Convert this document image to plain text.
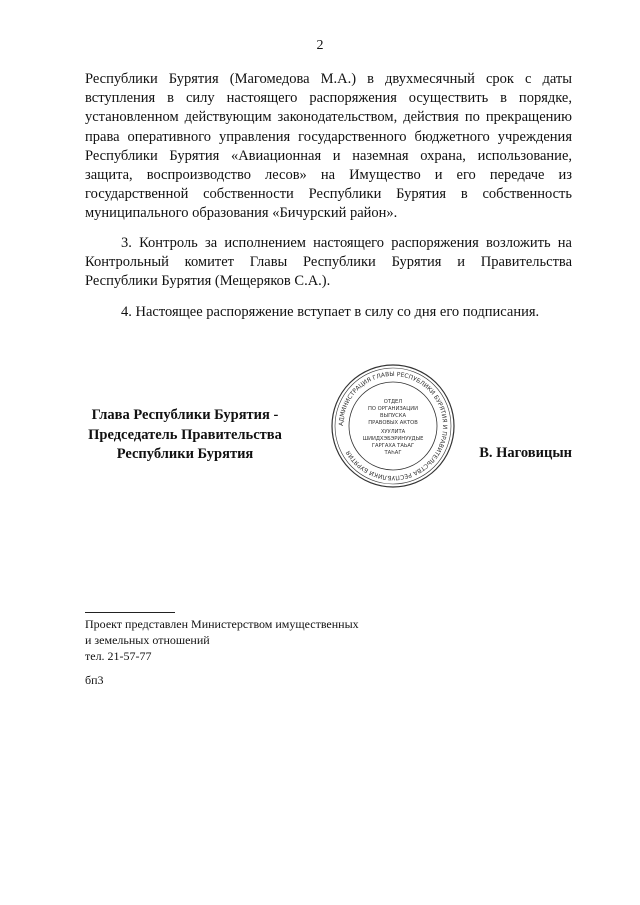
2

Республики Бурятия (Магомедова М.А.) в двухмесячный срок с даты вступления в силу настоящего распоряжения осуществить в порядке, установленном действующим законодательством, действия по прекращению права оперативного управления государственного бюджетного учреждения Республики Бурятия «Авиационная и наземная охрана, использование, защита, воспроизводство лесов» на Имущество и его передаче из государственной собственности Республики Бурятия в собственность муниципального образования «Бичурский район».

3. Контроль за исполнением настоящего распоряжения возложить на Контрольный комитет Главы Республики Бурятия и Правительства Республики Бурятия (Мещеряков С.А.).

4. Настоящее распоряжение вступает в силу со дня его подписания.

Глава Республики Бурятия -
Председатель Правительства
Республики Бурятия
АДМИНИСТРАЦИЯ ГЛАВЫ РЕСПУБЛИКИ БУРЯТИЯ И ПРАВИТЕЛЬСТВА РЕСПУБЛИКИ БУРЯТИЯ
ОТДЕЛ
ПО ОРГАНИЗАЦИИ
ВЫПУСКА
ПРАВОВЫХ АКТОВ
ХУУЛИТА
ШИИДХЭБЭРИНУУДЫЕ
ГАРГАХА ТАЬАГ
ТАҺАГ	В. Наговицын
Проект представлен Министерством имущественных
и земельных отношений
тел. 21-57-77
бп3
